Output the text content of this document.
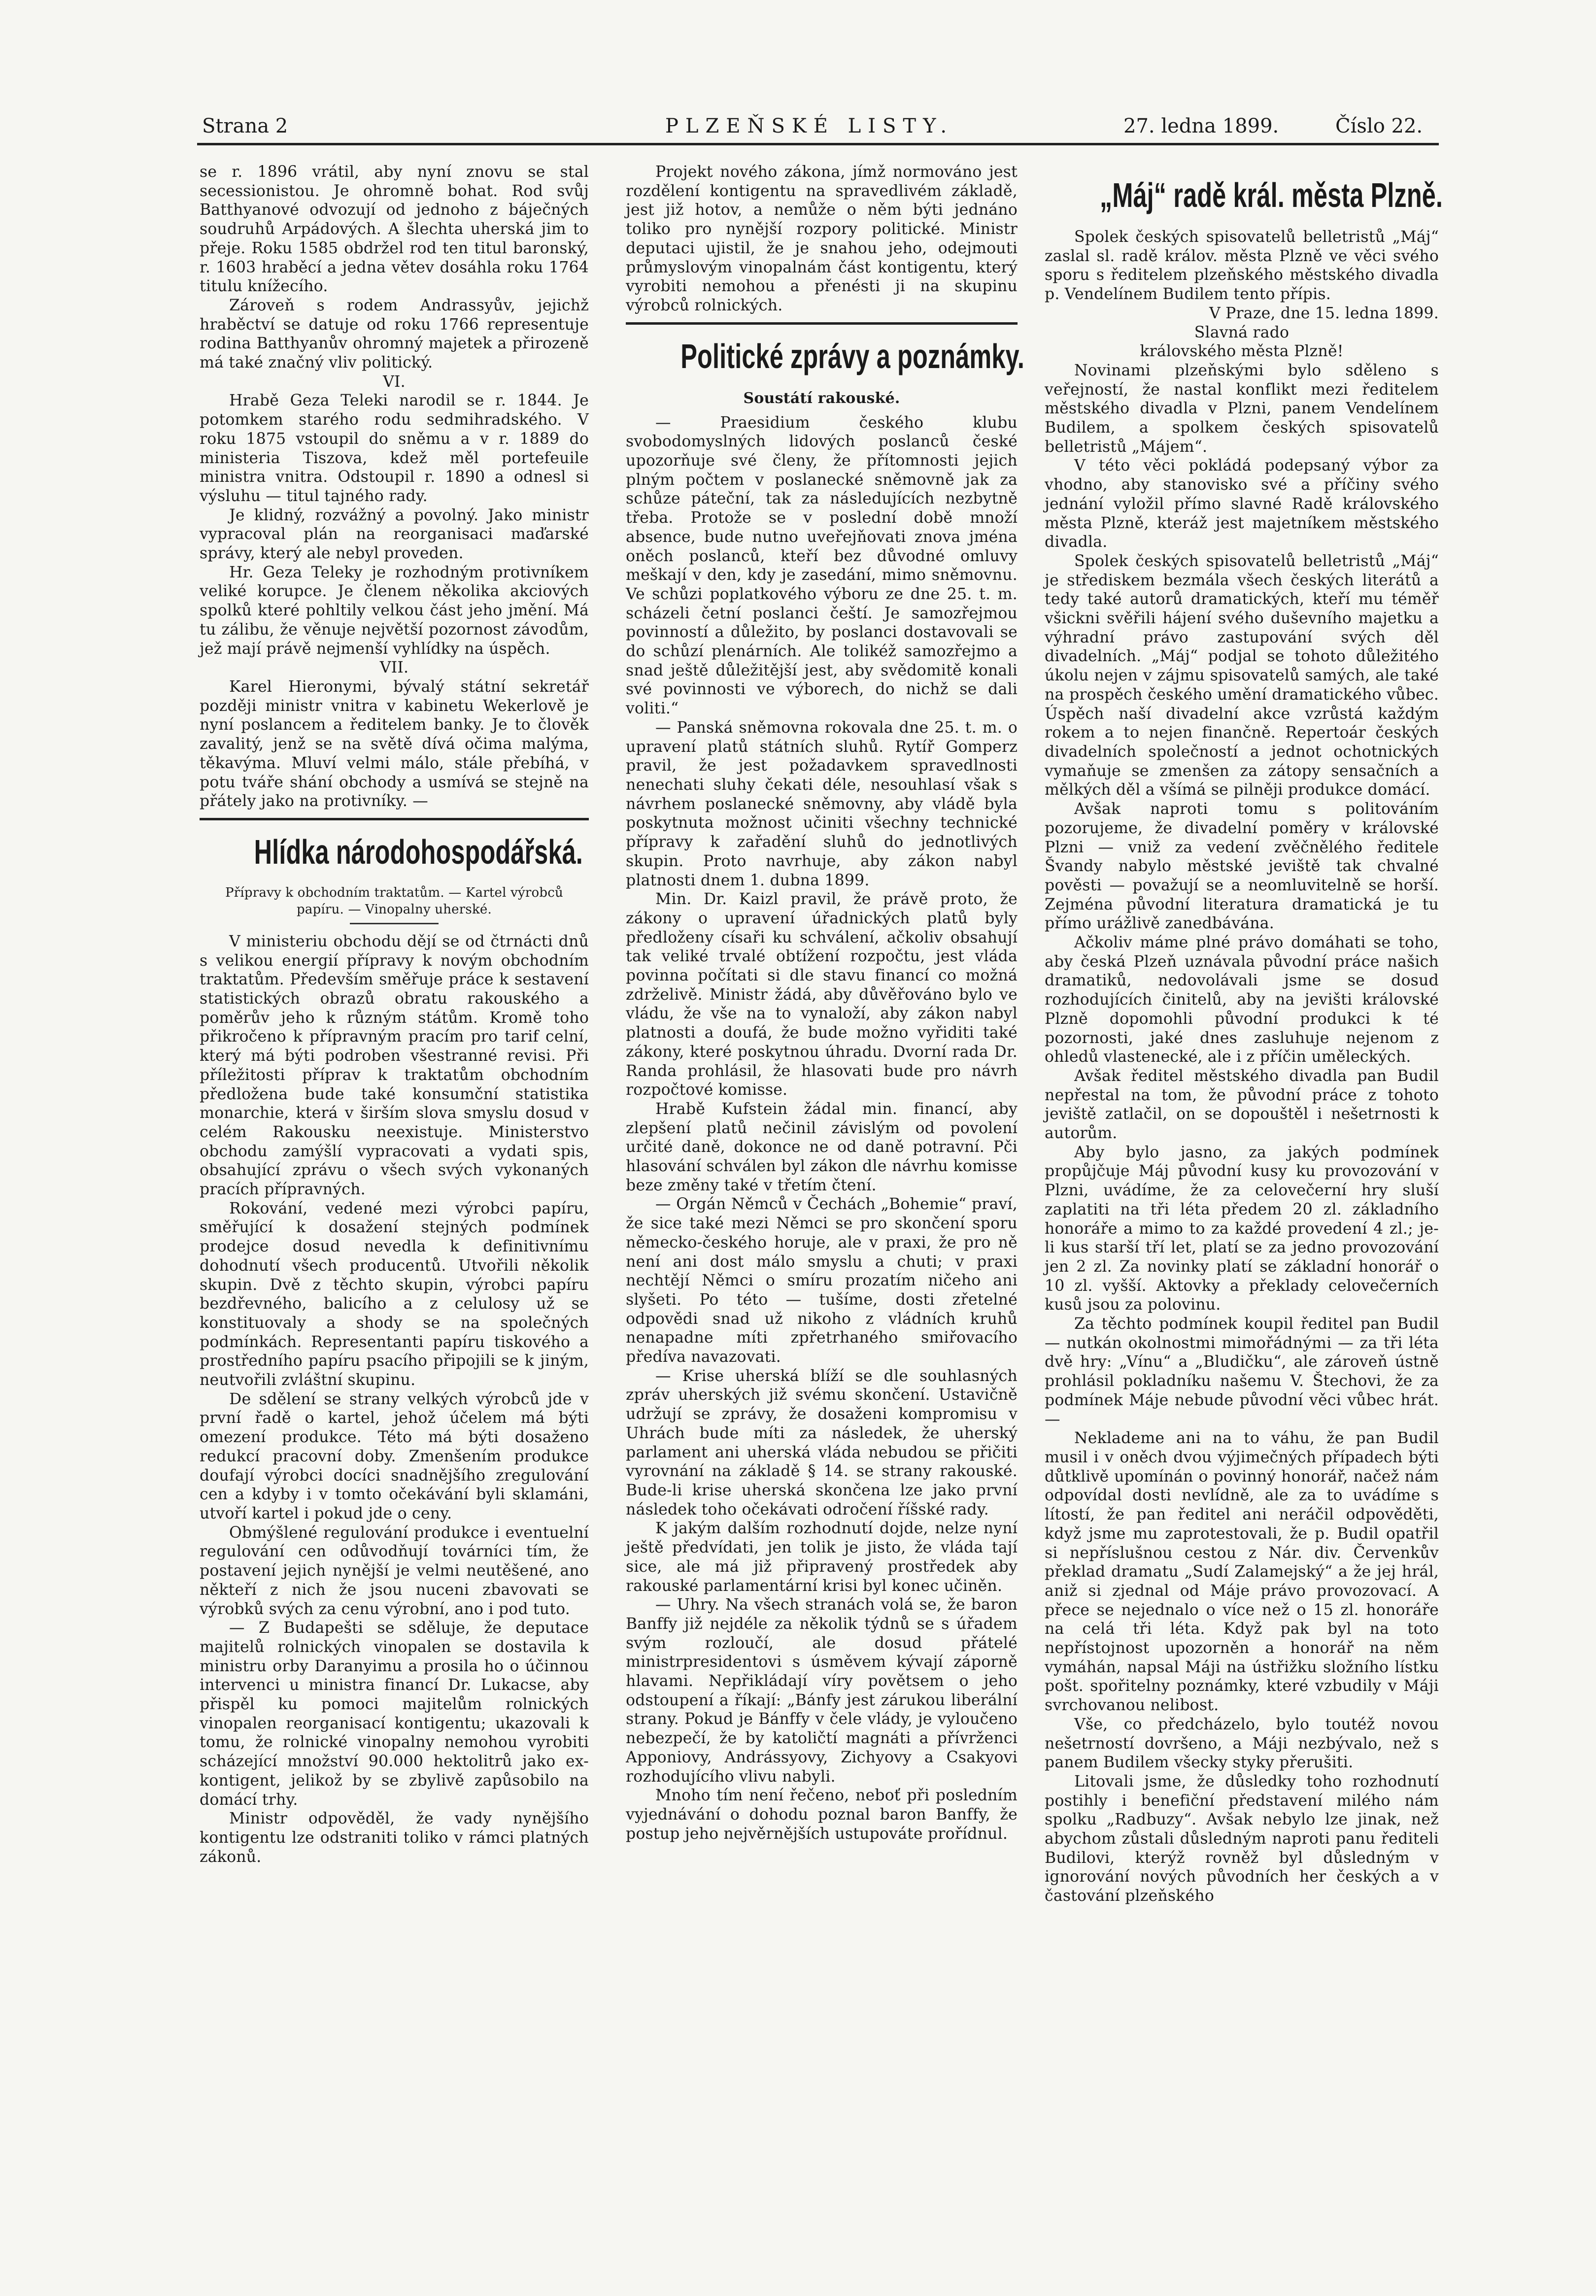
Strana 2	PLZEŇSKÉ LISTY.	27. ledna 1899.	Číslo 22.

se r. 1896 vrátil, aby nyní znovu se stal secessionistou. Je ohromně bohat. Rod svůj Batthyanové odvozují od jednoho z báječných soudruhů Arpádových. A šlechta uherská jim to přeje. Roku 1585 obdržel rod ten titul baronský, r. 1603 hraběcí a jedna větev dosáhla roku 1764 titulu knížecího.

Zároveň s rodem Andrassyův, jejichž hraběctví se datuje od roku 1766 representuje rodina Batthyanův ohromný majetek a přirozeně má také značný vliv politický.

VI.

Hrabě Geza Teleki narodil se r. 1844. Je potomkem starého rodu sedmihradského. V roku 1875 vstoupil do sněmu a v r. 1889 do ministeria Tiszova, kdež měl portefeuile ministra vnitra. Odstoupil r. 1890 a odnesl si výsluhu — titul tajného rady.

Je klidný, rozvážný a povolný. Jako ministr vypracoval plán na reorganisaci maďarské správy, který ale nebyl proveden.

Hr. Geza Teleky je rozhodným protivníkem veliké korupce. Je členem několika akciových spolků které pohltily velkou část jeho jmění. Má tu zálibu, že věnuje největší pozornost závodům, jež mají právě nejmenší vyhlídky na úspěch.

VII.

Karel Hieronymi, bývalý státní sekretář později ministr vnitra v kabinetu Wekerlově je nyní poslancem a ředitelem banky. Je to člověk zavalitý, jenž se na světě dívá očima malýma, těkavýma. Mluví velmi málo, stále přebíhá, v potu tváře shání obchody a usmívá se stejně na přátely jako na protivníky. —

Hlídka národohospodářská.
Přípravy k obchodním traktatům. — Kartel výrobců papíru. — Vinopalny uherské.

V ministeriu obchodu dějí se od čtrnácti dnů s velikou energií přípravy k novým obchodním traktatům. Především směřuje práce k sestavení statistických obrazů obratu rakouského a poměrův jeho k různým státům. Kromě toho přikročeno k přípravným pracím pro tarif celní, který má býti podroben všestranné revisi. Při příležitosti příprav k traktatům obchodním předložena bude také konsumční statistika monarchie, která v širším slova smyslu dosud v celém Rakousku neexistuje. Ministerstvo obchodu zamýšlí vypracovati a vydati spis, obsahující zprávu o všech svých vykonaných pracích přípravných.

Rokování, vedené mezi výrobci papíru, směřující k dosažení stejných podmínek prodejce dosud nevedla k definitivnímu dohodnutí všech producentů. Utvořili několik skupin. Dvě z těchto skupin, výrobci papíru bezdřevného, balicího a z celulosy už se konstituovaly a shody se na společných podmínkách. Representanti papíru tiskového a prostředního papíru psacího připojili se k jiným, neutvořili zvláštní skupinu.

De sdělení se strany velkých výrobců jde v první řadě o kartel, jehož účelem má býti omezení produkce. Této má býti dosaženo redukcí pracovní doby. Zmenšením produkce doufají výrobci docíci snadnějšího zregulování cen a kdyby i v tomto očekávání byli sklamáni, utvoří kartel i pokud jde o ceny.

Obmýšlené regulování produkce i eventuelní regulování cen odůvodňují továrníci tím, že postavení jejich nynější je velmi neutěšené, ano někteří z nich že jsou nuceni zbavovati se výrobků svých za cenu výrobní, ano i pod tuto.

— Z Budapešti se sděluje, že deputace majitelů rolnických vinopalen se dostavila k ministru orby Daranyimu a prosila ho o účinnou intervenci u ministra financí Dr. Lukacse, aby přispěl ku pomoci majitelům rolnických vinopalen reorganisací kontigentu; ukazovali k tomu, že rolnické vinopalny nemohou vyrobiti scházející množství 90.000 hektolitrů jako ex-kontigent, jelikož by se zbylivě zapůsobilo na domácí trhy.

Ministr odpověděl, že vady nynějšího kontigentu lze odstraniti toliko v rámci platných zákonů.

Projekt nového zákona, jímž normováno jest rozdělení kontigentu na spravedlivém základě, jest již hotov, a nemůže o něm býti jednáno toliko pro nynější rozpory politické. Ministr deputaci ujistil, že je snahou jeho, odejmouti průmyslovým vinopalnám část kontigentu, který vyrobiti nemohou a přenésti ji na skupinu výrobců rolnických.

Politické zprávy a poznámky.
Soustátí rakouské.

— Praesidium českého klubu svobodomyslných lidových poslanců české upozorňuje své členy, že přítomnosti jejich plným počtem v poslanecké sněmovně jak za schůze páteční, tak za následujících nezbytně třeba. Protože se v poslední době množí absence, bude nutno uveřejňovati znova jména oněch poslanců, kteří bez důvodné omluvy meškají v den, kdy je zasedání, mimo sněmovnu. Ve schůzi poplatkového výboru ze dne 25. t. m. scházeli četní poslanci čeští. Je samozřejmou povinností a důležito, by poslanci dostavovali se do schůzí plenárních. Ale tolikéž samozřejmo a snad ještě důležitější jest, aby svědomitě konali své povinnosti ve výborech, do nichž se dali voliti.“

— Panská sněmovna rokovala dne 25. t. m. o upravení platů státních sluhů. Rytíř Gomperz pravil, že jest požadavkem spravedlnosti nenechati sluhy čekati déle, nesouhlasí však s návrhem poslanecké sněmovny, aby vládě byla poskytnuta možnost učiniti všechny technické přípravy k zařadění sluhů do jednotlivých skupin. Proto navrhuje, aby zákon nabyl platnosti dnem 1. dubna 1899.

Min. Dr. Kaizl pravil, že právě proto, že zákony o upravení úřadnických platů byly předloženy císaři ku schválení, ačkoliv obsahují tak veliké trvalé obtížení rozpočtu, jest vláda povinna počítati si dle stavu financí co možná zdrželivě. Ministr žádá, aby důvěřováno bylo ve vládu, že vše na to vynaloží, aby zákon nabyl platnosti a doufá, že bude možno vyřiditi také zákony, které poskytnou úhradu. Dvorní rada Dr. Randa prohlásil, že hlasovati bude pro návrh rozpočtové komisse.

Hrabě Kufstein žádal min. financí, aby zlepšení platů nečinil závislým od povolení určité daně, dokonce ne od daně potravní. Pči hlasování schválen byl zákon dle návrhu komisse beze změny také v třetím čtení.

— Orgán Němců v Čechách „Bohemie“ praví, že sice také mezi Němci se pro skončení sporu německo-českého horuje, ale v praxi, že pro ně není ani dost málo smyslu a chuti; v praxi nechtějí Němci o smíru prozatím ničeho ani slyšeti. Po této — tušíme, dosti zřetelné odpovědi snad už nikoho z vládních kruhů nenapadne míti zpřetrhaného smiřovacího předíva navazovati.

— Krise uherská blíží se dle souhlasných zpráv uherských již svému skončení. Ustavičně udržují se zprávy, že dosaženi kompromisu v Uhrách bude míti za následek, že uherský parlament ani uherská vláda nebudou se přičiti vyrovnání na základě § 14. se strany rakouské. Bude-li krise uherská skončena lze jako první následek toho očekávati odročení říšské rady.

K jakým dalším rozhodnutí dojde, nelze nyní ještě předvídati, jen tolik je jisto, že vláda tají sice, ale má již připravený prostředek aby rakouské parlamentární krisi byl konec učiněn.

— Uhry. Na všech stranách volá se, že baron Banffy již nejdéle za několik týdnů se s úřadem svým rozloučí, ale dosud přátelé ministrpresidentovi s úsměvem kývají záporně hlavami. Nepřikládají víry povětsem o jeho odstoupení a říkají: „Bánfy jest zárukou liberální strany. Pokud je Bánffy v čele vlády, je vyloučeno nebezpečí, že by katoličtí magnáti a přívrženci Apponiovy, Andrássyovy, Zichyovy a Csakyovi rozhodujícího vlivu nabyli.

Mnoho tím není řečeno, neboť při posledním vyjednávání o dohodu poznal baron Banffy, že postup jeho nejvěrnějších ustupováte prořídnul.

„Máj“ radě král. města Plzně.

Spolek českých spisovatelů belletristů „Máj“ zaslal sl. radě králov. města Plzně ve věci svého sporu s ředitelem plzeňského městského divadla p. Vendelínem Budilem tento přípis.

V Praze, dne 15. ledna 1899.

Slavná rado

královského města Plzně!

Novinami plzeňskými bylo sděleno s veřejností, že nastal konflikt mezi ředitelem městského divadla v Plzni, panem Vendelínem Budilem, a spolkem českých spisovatelů belletristů „Májem“.

V této věci pokládá podepsaný výbor za vhodno, aby stanovisko své a příčiny svého jednání vyložil přímo slavné Radě královského města Plzně, kteráž jest majetníkem městského divadla.

Spolek českých spisovatelů belletristů „Máj“ je střediskem bezmála všech českých literátů a tedy také autorů dramatických, kteří mu téměř všickni svěřili hájení svého duševního majetku a výhradní právo zastupování svých děl divadelních. „Máj“ podjal se tohoto důležitého úkolu nejen v zájmu spisovatelů samých, ale také na prospěch českého umění dramatického vůbec. Úspěch naší divadelní akce vzrůstá každým rokem a to nejen finančně. Repertoár českých divadelních společností a jednot ochotnických vymaňuje se zmenšen za zátopy sensačních a mělkých děl a všímá se pilněji produkce domácí.

Avšak naproti tomu s politováním pozorujeme, že divadelní poměry v královské Plzni — vniž za vedení zvěčnělého ředitele Švandy nabylo městské jeviště tak chvalné pověsti — považují se a neomluvitelně se horší. Zejména původní literatura dramatická je tu přímo urážlivě zanedbávána.

Ačkoliv máme plné právo domáhati se toho, aby česká Plzeň uznávala původní práce našich dramatiků, nedovolávali jsme se dosud rozhodujících činitelů, aby na jevišti královské Plzně dopomohli původní produkci k té pozornosti, jaké dnes zasluhuje nejenom z ohledů vlastenecké, ale i z příčin uměleckých.

Avšak ředitel městského divadla pan Budil nepřestal na tom, že původní práce z tohoto jeviště zatlačil, on se dopouštěl i nešetrnosti k autorům.

Aby bylo jasno, za jakých podmínek propůjčuje Máj původní kusy ku provozování v Plzni, uvádíme, že za celovečerní hry sluší zaplatiti na tři léta předem 20 zl. základního honoráře a mimo to za každé provedení 4 zl.; je-li kus starší tří let, platí se za jedno provozování jen 2 zl. Za novinky platí se základní honorář o 10 zl. vyšší. Aktovky a překlady celovečerních kusů jsou za polovinu.

Za těchto podmínek koupil ředitel pan Budil — nutkán okolnostmi mimořádnými — za tři léta dvě hry: „Vínu“ a „Bludičku“, ale zároveň ústně prohlásil pokladníku našemu V. Štechovi, že za podmínek Máje nebude původní věci vůbec hrát. —

Neklademe ani na to váhu, že pan Budil musil i v oněch dvou výjimečných případech býti důtklivě upomínán o povinný honorář, načež nám odpovídal dosti nevlídně, ale za to uvádíme s lítostí, že pan ředitel ani neráčil odpověděti, když jsme mu zaprotestovali, že p. Budil opatřil si nepříslušnou cestou z Nár. div. Červenkův překlad dramatu „Sudí Zalamejský“ a že jej hrál, aniž si zjednal od Máje právo provozovací. A přece se nejednalo o více než o 15 zl. honoráře na celá tři léta. Když pak byl na toto nepřístojnost upozorněn a honorář na něm vymáhán, napsal Máji na ústřižku složního lístku pošt. spořitelny poznámky, které vzbudily v Máji svrchovanou nelibost.

Vše, co předcházelo, bylo toutéž novou nešetrností dovršeno, a Máji nezbývalo, než s panem Budilem všecky styky přerušiti.

Litovali jsme, že důsledky toho rozhodnutí postihly i benefiční představení milého nám spolku „Radbuzy“. Avšak nebylo lze jinak, než abychom zůstali důsledným naproti panu řediteli Budilovi, kterýž rovněž byl důsledným v ignorování nových původních her českých a v častování plzeňského
